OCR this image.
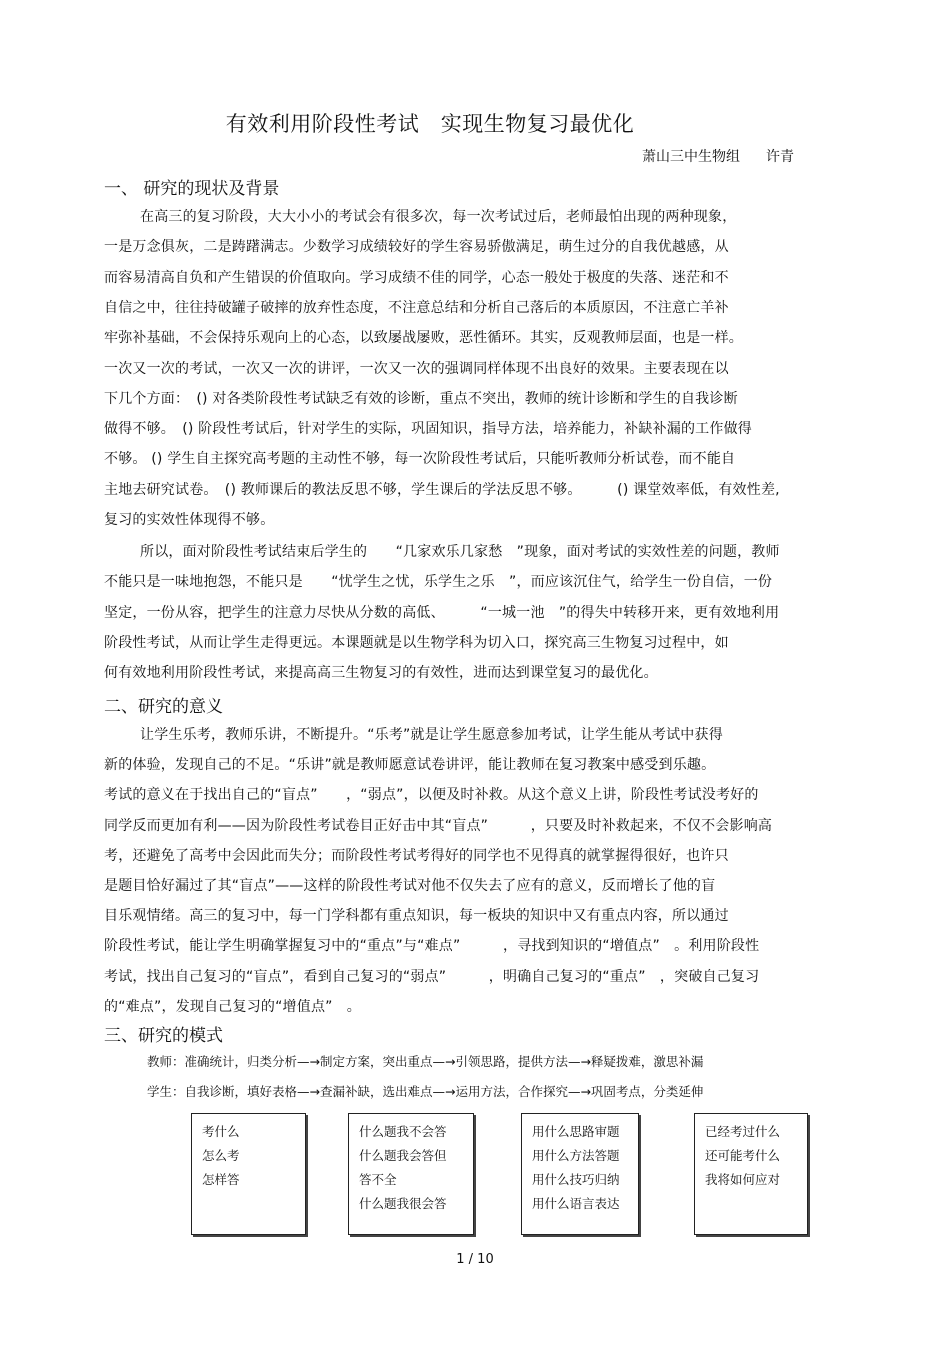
有效利用阶段性考试　实现生物复习最优化
萧山三中生物组 许青
一、 研究的现状及背景
在高三的复习阶段，大大小小的考试会有很多次，每一次考试过后，老师最怕出现的两种现象，
一是万念俱灰，二是踌躇满志。少数学习成绩较好的学生容易骄傲满足，萌生过分的自我优越感，从
而容易清高自负和产生错误的价值取向。学习成绩不佳的同学，心态一般处于极度的失落、迷茫和不
自信之中，往往持破罐子破摔的放弃性态度，不注意总结和分析自己落后的本质原因，不注意亡羊补
牢弥补基础，不会保持乐观向上的心态，以致屡战屡败，恶性循环。其实，反观教师层面，也是一样。
一次又一次的考试，一次又一次的讲评，一次又一次的强调同样体现不出良好的效果。主要表现在以
下几个方面：　() 对各类阶段性考试缺乏有效的诊断，重点不突出，教师的统计诊断和学生的自我诊断
做得不够。　() 阶段性考试后，针对学生的实际，巩固知识，指导方法，培养能力，补缺补漏的工作做得
不够。 () 学生自主探究高考题的主动性不够，每一次阶段性考试后，只能听教师分析试卷，而不能自
主地去研究试卷。　() 教师课后的教法反思不够，学生课后的学法反思不够。　　　() 课堂效率低，有效性差,
复习的实效性体现得不够。
所以，面对阶段性考试结束后学生的　　“几家欢乐几家愁　”现象，面对考试的实效性差的问题，教师
不能只是一味地抱怨，不能只是　　“忧学生之忧，乐学生之乐　”，而应该沉住气，给学生一份自信，一份
坚定，一份从容，把学生的注意力尽快从分数的高低、　　　“一城一池　”的得失中转移开来，更有效地利用
阶段性考试，从而让学生走得更远。本课题就是以生物学科为切入口，探究高三生物复习过程中，如
何有效地利用阶段性考试，来提高高三生物复习的有效性，进而达到课堂复习的最优化。
二、研究的意义
让学生乐考，教师乐讲，不断提升。“乐考”就是让学生愿意参加考试，让学生能从考试中获得
新的体验，发现自己的不足。“乐讲”就是教师愿意试卷讲评，能让教师在复习教案中感受到乐趣。
考试的意义在于找出自己的“盲点”　　，“弱点”，以便及时补救。从这个意义上讲，阶段性考试没考好的
同学反而更加有利——因为阶段性考试卷目正好击中其“盲点”　　　，只要及时补救起来，不仅不会影响高
考，还避免了高考中会因此而失分；而阶段性考试考得好的同学也不见得真的就掌握得很好，也许只
是题目恰好漏过了其“盲点”——这样的阶段性考试对他不仅失去了应有的意义，反而增长了他的盲
目乐观情绪。高三的复习中，每一门学科都有重点知识，每一板块的知识中又有重点内容，所以通过
阶段性考试，能让学生明确掌握复习中的“重点”与“难点”　　　，寻找到知识的“增值点”　。利用阶段性
考试，找出自己复习的“盲点”，看到自己复习的“弱点”　　　，明确自己复习的“重点”　，突破自己复习
的“难点”，发现自己复习的“增值点”　。
三、研究的模式
教师：准确统计，归类分析—→制定方案，突出重点—→引领思路，提供方法—→释疑拨难，激思补漏
学生：自我诊断，填好表格—→查漏补缺，选出难点—→运用方法，合作探究—→巩固考点，分类延伸
考什么
怎么考
怎样答
什么题我不会答
什么题我会答但
答不全
什么题我很会答
用什么思路审题
用什么方法答题
用什么技巧归纳
用什么语言表达
已经考过什么
还可能考什么
我将如何应对
1 / 10
